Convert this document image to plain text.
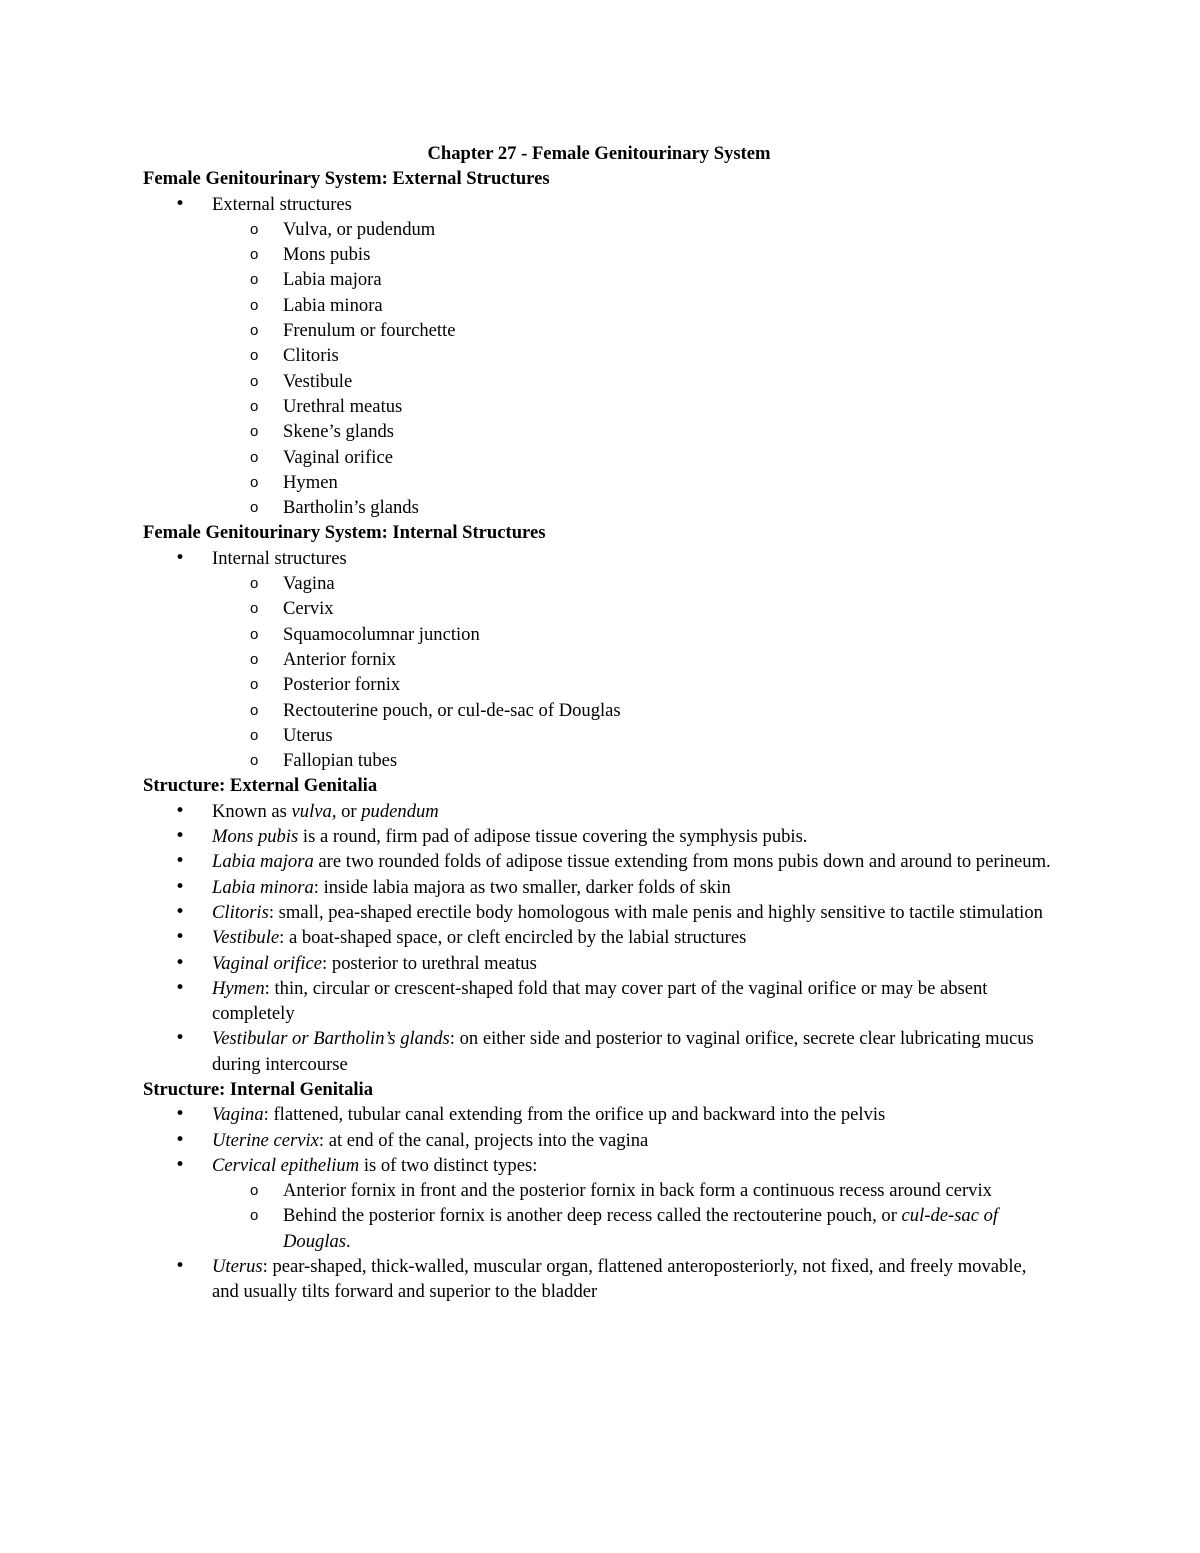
Chapter 27 - Female Genitourinary System
Female Genitourinary System: External Structures
• External structures
o Vulva, or pudendum
o Mons pubis
o Labia majora
o Labia minora
o Frenulum or fourchette
o Clitoris
o Vestibule
o Urethral meatus
o Skene’s glands
o Vaginal orifice
o Hymen
o Bartholin’s glands
Female Genitourinary System: Internal Structures
• Internal structures
o Vagina
o Cervix
o Squamocolumnar junction
o Anterior fornix
o Posterior fornix
o Rectouterine pouch, or cul-de-sac of Douglas
o Uterus
o Fallopian tubes
Structure: External Genitalia
• Known as vulva, or pudendum
• Mons pubis is a round, firm pad of adipose tissue covering the symphysis pubis.
• Labia majora are two rounded folds of adipose tissue extending from mons pubis down and around to perineum.
• Labia minora: inside labia majora as two smaller, darker folds of skin
• Clitoris: small, pea-shaped erectile body homologous with male penis and highly sensitive to tactile stimulation
• Vestibule: a boat-shaped space, or cleft encircled by the labial structures
• Vaginal orifice: posterior to urethral meatus
• Hymen: thin, circular or crescent-shaped fold that may cover part of the vaginal orifice or may be absent completely
• Vestibular or Bartholin’s glands: on either side and posterior to vaginal orifice, secrete clear lubricating mucus during intercourse
Structure: Internal Genitalia
• Vagina: flattened, tubular canal extending from the orifice up and backward into the pelvis
• Uterine cervix: at end of the canal, projects into the vagina
• Cervical epithelium is of two distinct types:
o Anterior fornix in front and the posterior fornix in back form a continuous recess around cervix
o Behind the posterior fornix is another deep recess called the rectouterine pouch, or cul-de-sac of Douglas.
• Uterus: pear-shaped, thick-walled, muscular organ, flattened anteroposteriorly, not fixed, and freely movable, and usually tilts forward and superior to the bladder
